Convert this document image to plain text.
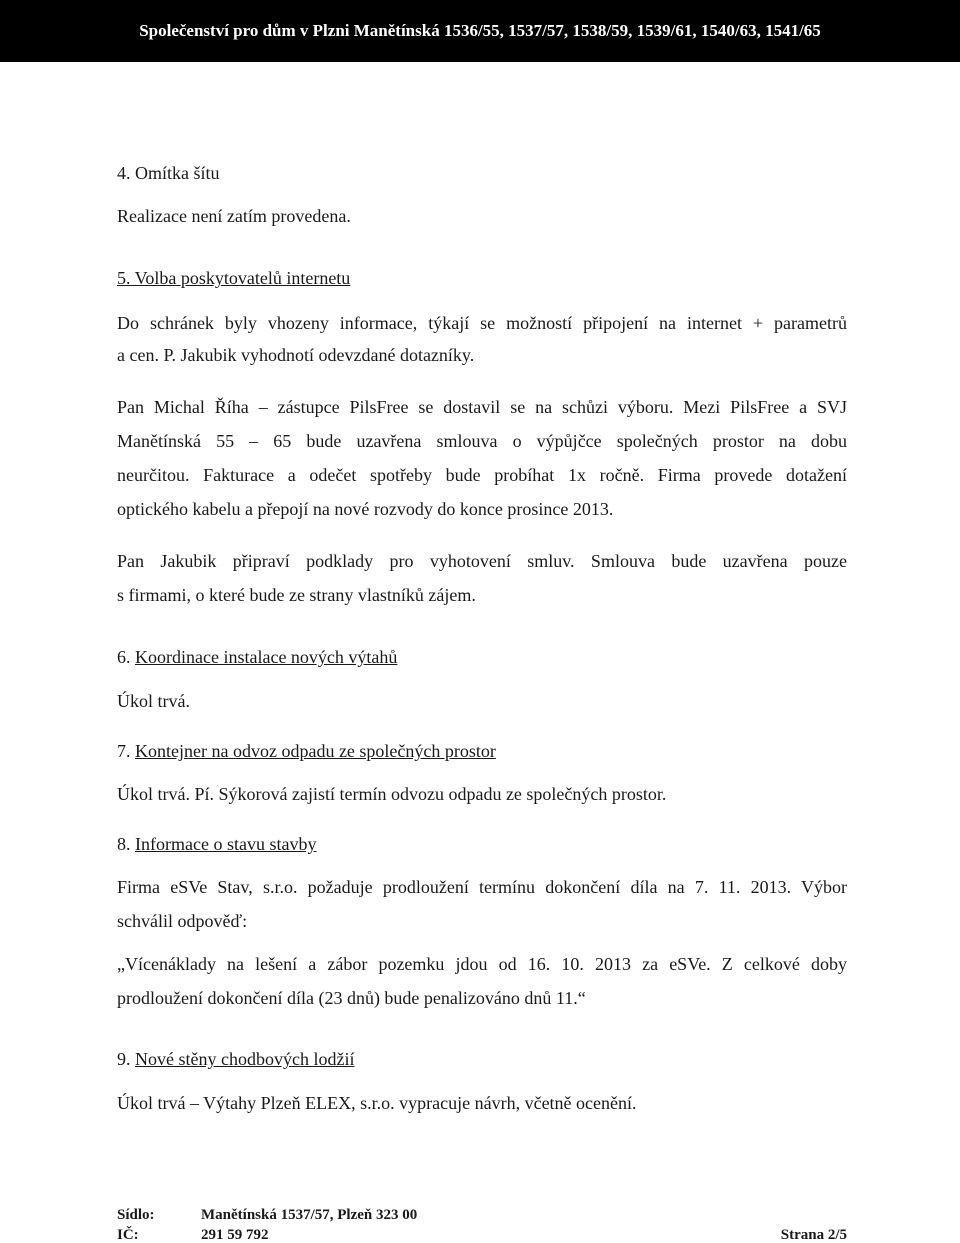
Společenství pro dům v Plzni Manětínská 1536/55, 1537/57, 1538/59, 1539/61, 1540/63, 1541/65
4. Omítka šítu
Realizace není zatím provedena.
5. Volba poskytovatelů internetu
Do schránek byly vhozeny informace, týkají se možností připojení na internet + parametrů
a cen. P. Jakubik vyhodnotí odevzdané dotazníky.
Pan Michal Říha – zástupce PilsFree se dostavil se na schůzi výboru. Mezi PilsFree a SVJ
Manětínská 55 – 65 bude uzavřena smlouva o výpůjčce společných prostor na dobu
neurčitou. Fakturace a odečet spotřeby bude probíhat 1x ročně. Firma provede dotažení
optického kabelu a přepojí na nové rozvody do konce prosince 2013.
Pan Jakubik připraví podklady pro vyhotovení smluv. Smlouva bude uzavřena pouze
s firmami, o které bude ze strany vlastníků zájem.
6. Koordinace instalace nových výtahů
Úkol trvá.
7. Kontejner na odvoz odpadu ze společných prostor
Úkol trvá. Pí. Sýkorová zajistí termín odvozu odpadu ze společných prostor.
8. Informace o stavu stavby
Firma eSVe Stav, s.r.o. požaduje prodloužení termínu dokončení díla na 7. 11. 2013. Výbor
schválil odpověď:
„Vícenáklady na lešení a zábor pozemku jdou od 16. 10. 2013 za eSVe. Z celkové doby
prodloužení dokončení díla (23 dnů) bude penalizováno dnů 11.“
9. Nové stěny chodbových lodžií
Úkol trvá – Výtahy Plzeň ELEX, s.r.o. vypracuje návrh, včetně ocenění.
Sídlo:	Manětínská 1537/57, Plzeň 323 00
IČ:	291 59 792	Strana 2/5
